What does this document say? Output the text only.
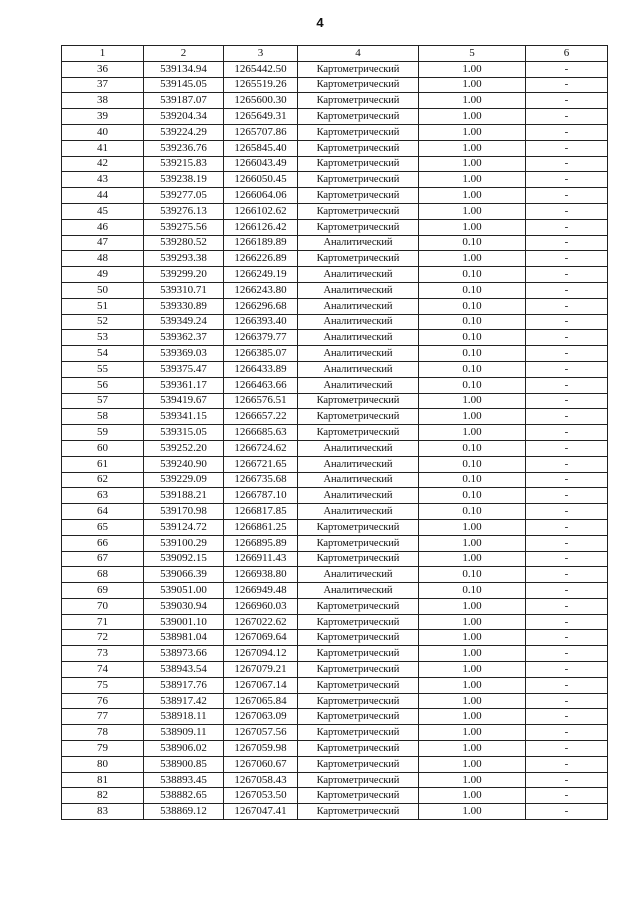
4
1	2	3	4	5	6
36	539134.94	1265442.50	Картометрический	1.00	-
37	539145.05	1265519.26	Картометрический	1.00	-
38	539187.07	1265600.30	Картометрический	1.00	-
39	539204.34	1265649.31	Картометрический	1.00	-
40	539224.29	1265707.86	Картометрический	1.00	-
41	539236.76	1265845.40	Картометрический	1.00	-
42	539215.83	1266043.49	Картометрический	1.00	-
43	539238.19	1266050.45	Картометрический	1.00	-
44	539277.05	1266064.06	Картометрический	1.00	-
45	539276.13	1266102.62	Картометрический	1.00	-
46	539275.56	1266126.42	Картометрический	1.00	-
47	539280.52	1266189.89	Аналитический	0.10	-
48	539293.38	1266226.89	Картометрический	1.00	-
49	539299.20	1266249.19	Аналитический	0.10	-
50	539310.71	1266243.80	Аналитический	0.10	-
51	539330.89	1266296.68	Аналитический	0.10	-
52	539349.24	1266393.40	Аналитический	0.10	-
53	539362.37	1266379.77	Аналитический	0.10	-
54	539369.03	1266385.07	Аналитический	0.10	-
55	539375.47	1266433.89	Аналитический	0.10	-
56	539361.17	1266463.66	Аналитический	0.10	-
57	539419.67	1266576.51	Картометрический	1.00	-
58	539341.15	1266657.22	Картометрический	1.00	-
59	539315.05	1266685.63	Картометрический	1.00	-
60	539252.20	1266724.62	Аналитический	0.10	-
61	539240.90	1266721.65	Аналитический	0.10	-
62	539229.09	1266735.68	Аналитический	0.10	-
63	539188.21	1266787.10	Аналитический	0.10	-
64	539170.98	1266817.85	Аналитический	0.10	-
65	539124.72	1266861.25	Картометрический	1.00	-
66	539100.29	1266895.89	Картометрический	1.00	-
67	539092.15	1266911.43	Картометрический	1.00	-
68	539066.39	1266938.80	Аналитический	0.10	-
69	539051.00	1266949.48	Аналитический	0.10	-
70	539030.94	1266960.03	Картометрический	1.00	-
71	539001.10	1267022.62	Картометрический	1.00	-
72	538981.04	1267069.64	Картометрический	1.00	-
73	538973.66	1267094.12	Картометрический	1.00	-
74	538943.54	1267079.21	Картометрический	1.00	-
75	538917.76	1267067.14	Картометрический	1.00	-
76	538917.42	1267065.84	Картометрический	1.00	-
77	538918.11	1267063.09	Картометрический	1.00	-
78	538909.11	1267057.56	Картометрический	1.00	-
79	538906.02	1267059.98	Картометрический	1.00	-
80	538900.85	1267060.67	Картометрический	1.00	-
81	538893.45	1267058.43	Картометрический	1.00	-
82	538882.65	1267053.50	Картометрический	1.00	-
83	538869.12	1267047.41	Картометрический	1.00	-
